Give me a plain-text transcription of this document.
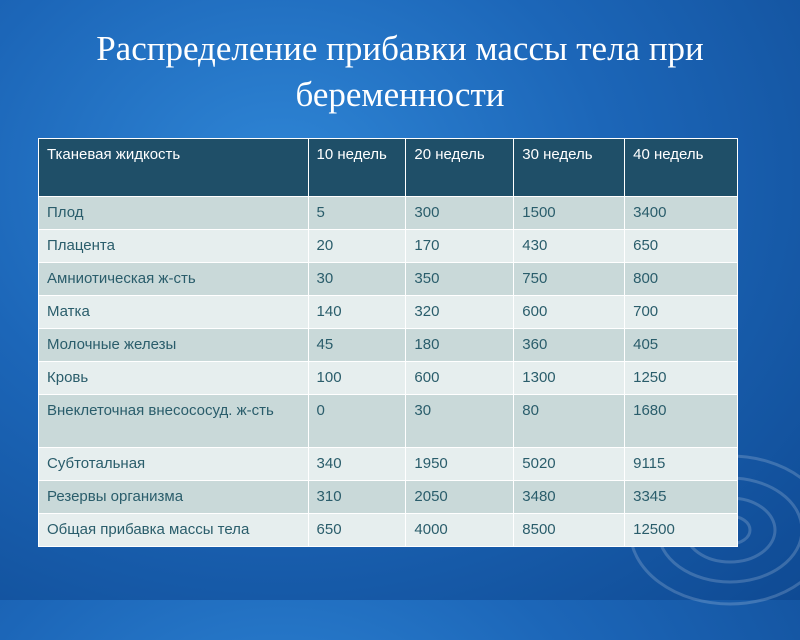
Распределение прибавки массы тела при
беременности
Тканевая жидкость	10 недель	20 недель	30 недель	40 недель
Плод	5	300	1500	3400
Плацента	20	170	430	650
Амниотическая ж-сть	30	350	750	800
Матка	140	320	600	700
Молочные железы	45	180	360	405
Кровь	100	600	1300	1250
Внеклеточная внесососуд. ж-сть	0	30	80	1680
Субтотальная	340	1950	5020	9115
Резервы организма	310	2050	3480	3345
Общая прибавка массы тела	650	4000	8500	12500
